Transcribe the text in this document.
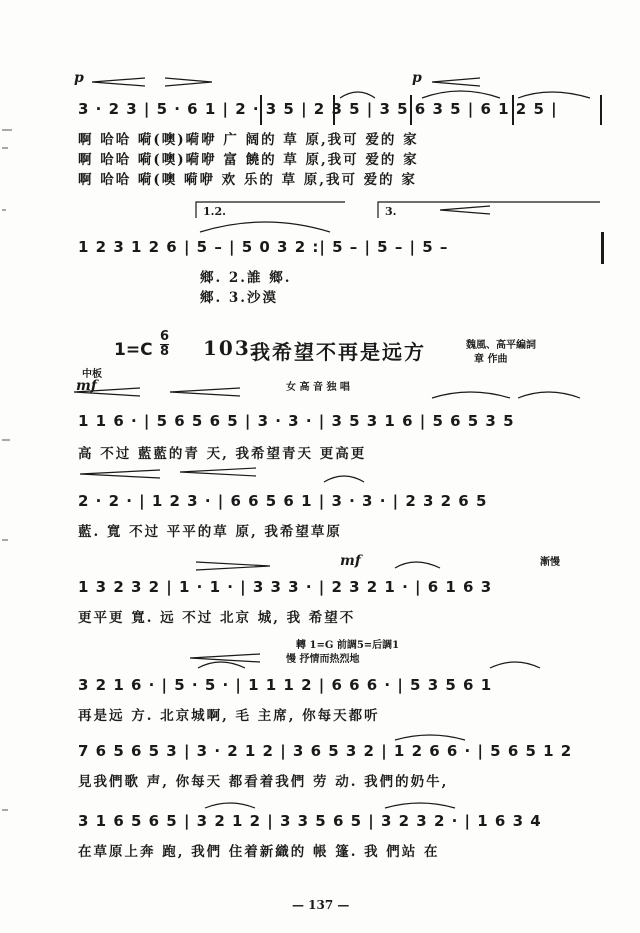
p	p
3 · 2 3 | 5 · 6 1 | 2 · 3 5 | 2 3 5 | 3 5 6 3 5 | 6 1 2 5 |
啊 哈哈 嗬(噢)嗬咿 广 阔的 草 原,我可 爱的 家
啊 哈哈 嗬(噢)嗬咿 富 饒的 草 原,我可 爱的 家
啊 哈哈 嗬(噢 嗬咿 欢 乐的 草 原,我可 爱的 家
1.2.	3.
1 2 3 1 2 6 | 5 – | 5 0 3 2 :| 5 – | 5 – | 5 –
鄉. 2.誰 鄉.
鄉. 3.沙漠
1=C
6
8 103.
我希望不再是远方	魏風、高平編詞
章 作曲
中板
mf	女 高 音 独 唱
1 1 6 · | 5 6 5 6 5 | 3 · 3 · | 3 5 3 1 6 | 5 6 5 3 5
高 不过 藍藍的青 天, 我希望青天 更高更
2 · 2 · | 1 2 3 · | 6 6 5 6 1 | 3 · 3 · | 2 3 2 6 5
藍. 寬 不过 平平的草 原, 我希望草原
mf	漸慢
1 3 2 3 2 | 1 · 1 · | 3 3 3 · | 2 3 2 1 · | 6 1 6 3
更平更 寬. 远 不过 北京 城, 我 希望不
轉 1=G 前調5=后調1
慢 抒情而热烈地
3 2 1 6 · | 5 · 5 · | 1 1 1 2 | 6 6 6 · | 5 3 5 6 1
再是远 方. 北京城啊, 毛 主席, 你每天都听
7 6 5 6 5 3 | 3 · 2 1 2 | 3 6 5 3 2 | 1 2 6 6 · | 5 6 5 1 2
見我們歌 声, 你每天 都看着我們 劳 动. 我們的奶牛,
3 1 6 5 6 5 | 3 2 1 2 | 3 3 5 6 5 | 3 2 3 2 · | 1 6 3 4
在草原上奔 跑, 我們 住着新織的 帳 篷. 我 們站 在
— 137 —
